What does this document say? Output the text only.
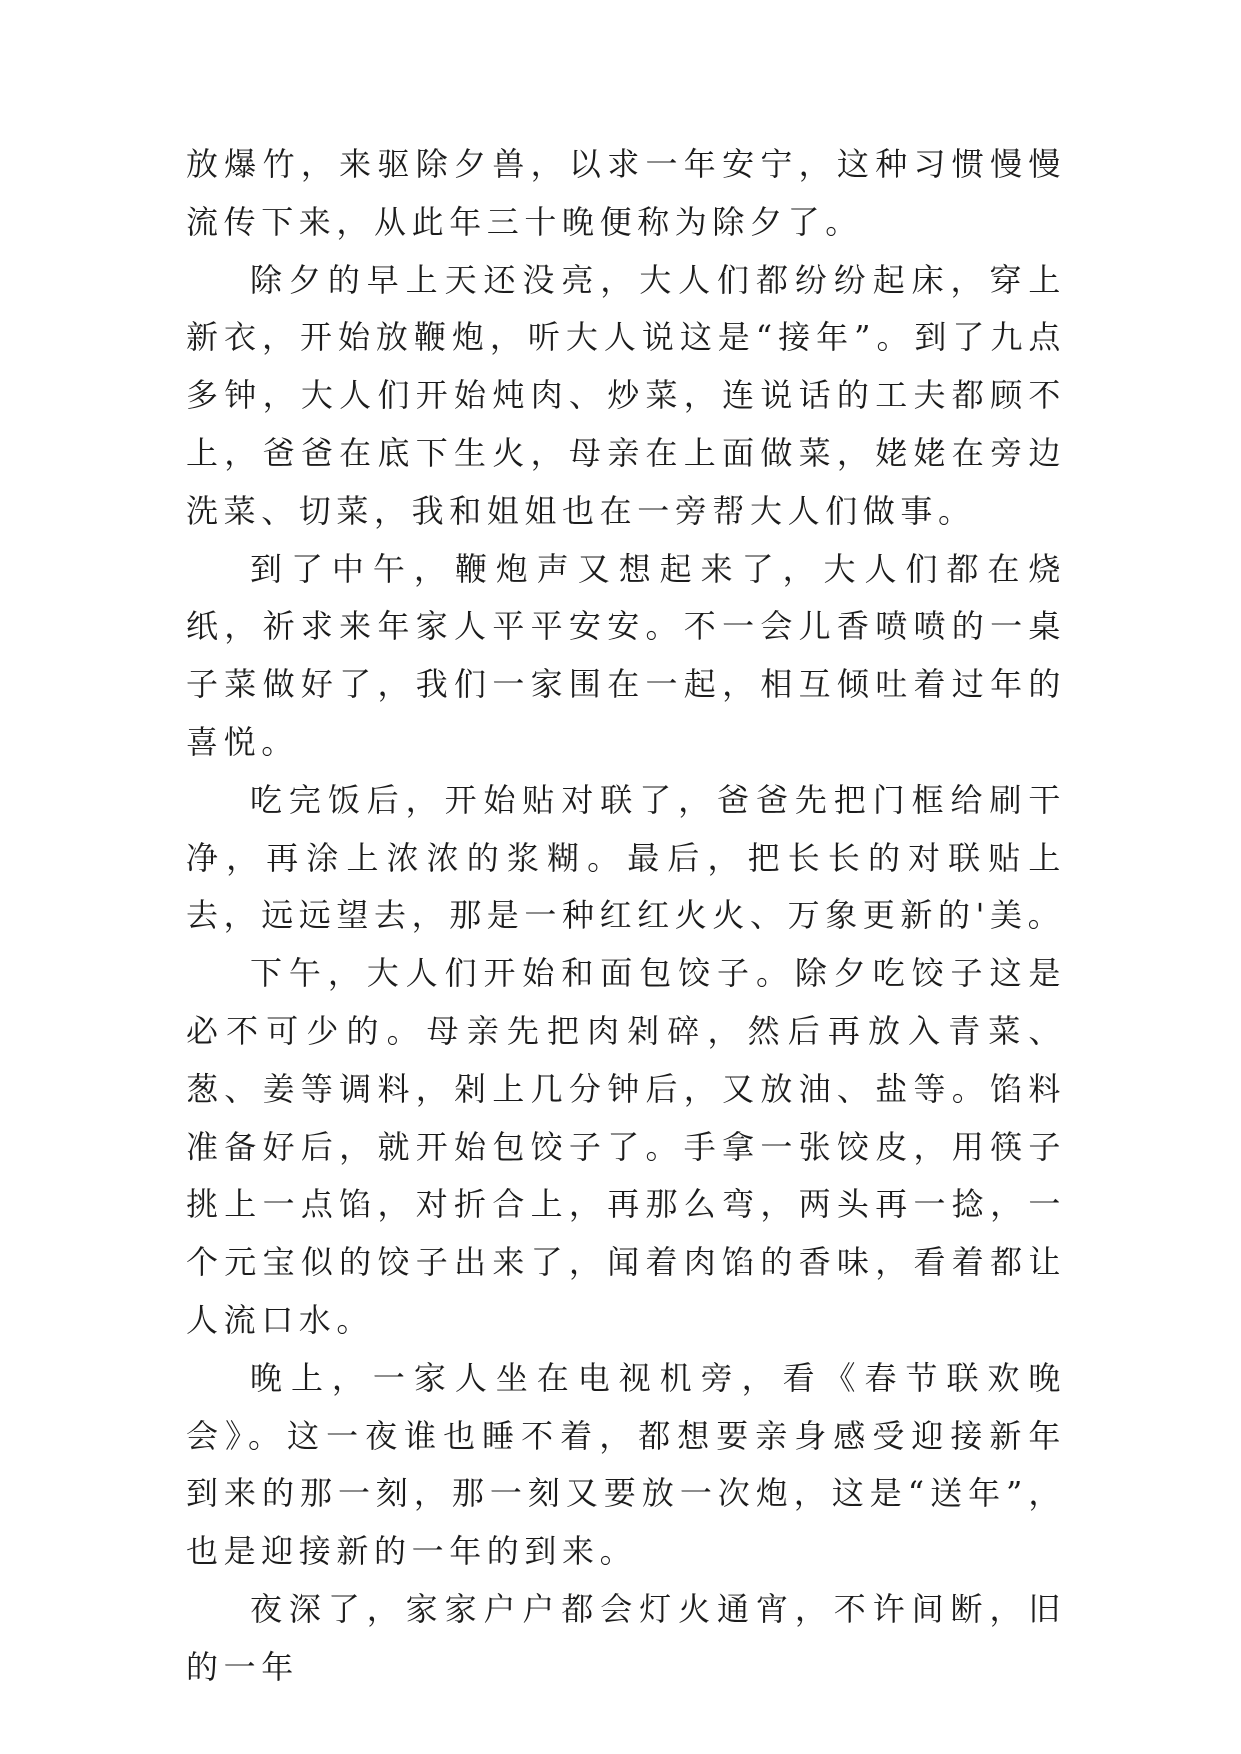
放爆竹，来驱除夕兽，以求一年安宁，这种习惯慢慢流传下来，从此年三十晚便称为除夕了。

除夕的早上天还没亮，大人们都纷纷起床，穿上新衣，开始放鞭炮，听大人说这是“接年”。到了九点多钟，大人们开始炖肉、炒菜，连说话的工夫都顾不上，爸爸在底下生火，母亲在上面做菜，姥姥在旁边洗菜、切菜，我和姐姐也在一旁帮大人们做事。

到了中午，鞭炮声又想起来了，大人们都在烧纸，祈求来年家人平平安安。不一会儿香喷喷的一桌子菜做好了，我们一家围在一起，相互倾吐着过年的喜悦。

吃完饭后，开始贴对联了，爸爸先把门框给刷干净，再涂上浓浓的浆糊。最后，把长长的对联贴上去，远远望去，那是一种红红火火、万象更新的'美。

下午，大人们开始和面包饺子。除夕吃饺子这是必不可少的。母亲先把肉剁碎，然后再放入青菜、葱、姜等调料，剁上几分钟后，又放油、盐等。馅料准备好后，就开始包饺子了。手拿一张饺皮，用筷子挑上一点馅，对折合上，再那么弯，两头再一捻，一个元宝似的饺子出来了，闻着肉馅的香味，看着都让人流口水。

晚上，一家人坐在电视机旁，看《春节联欢晚会》。这一夜谁也睡不着，都想要亲身感受迎接新年到来的那一刻，那一刻又要放一次炮，这是“送年”，也是迎接新的一年的到来。

夜深了，家家户户都会灯火通宵，不许间断，旧的一年
